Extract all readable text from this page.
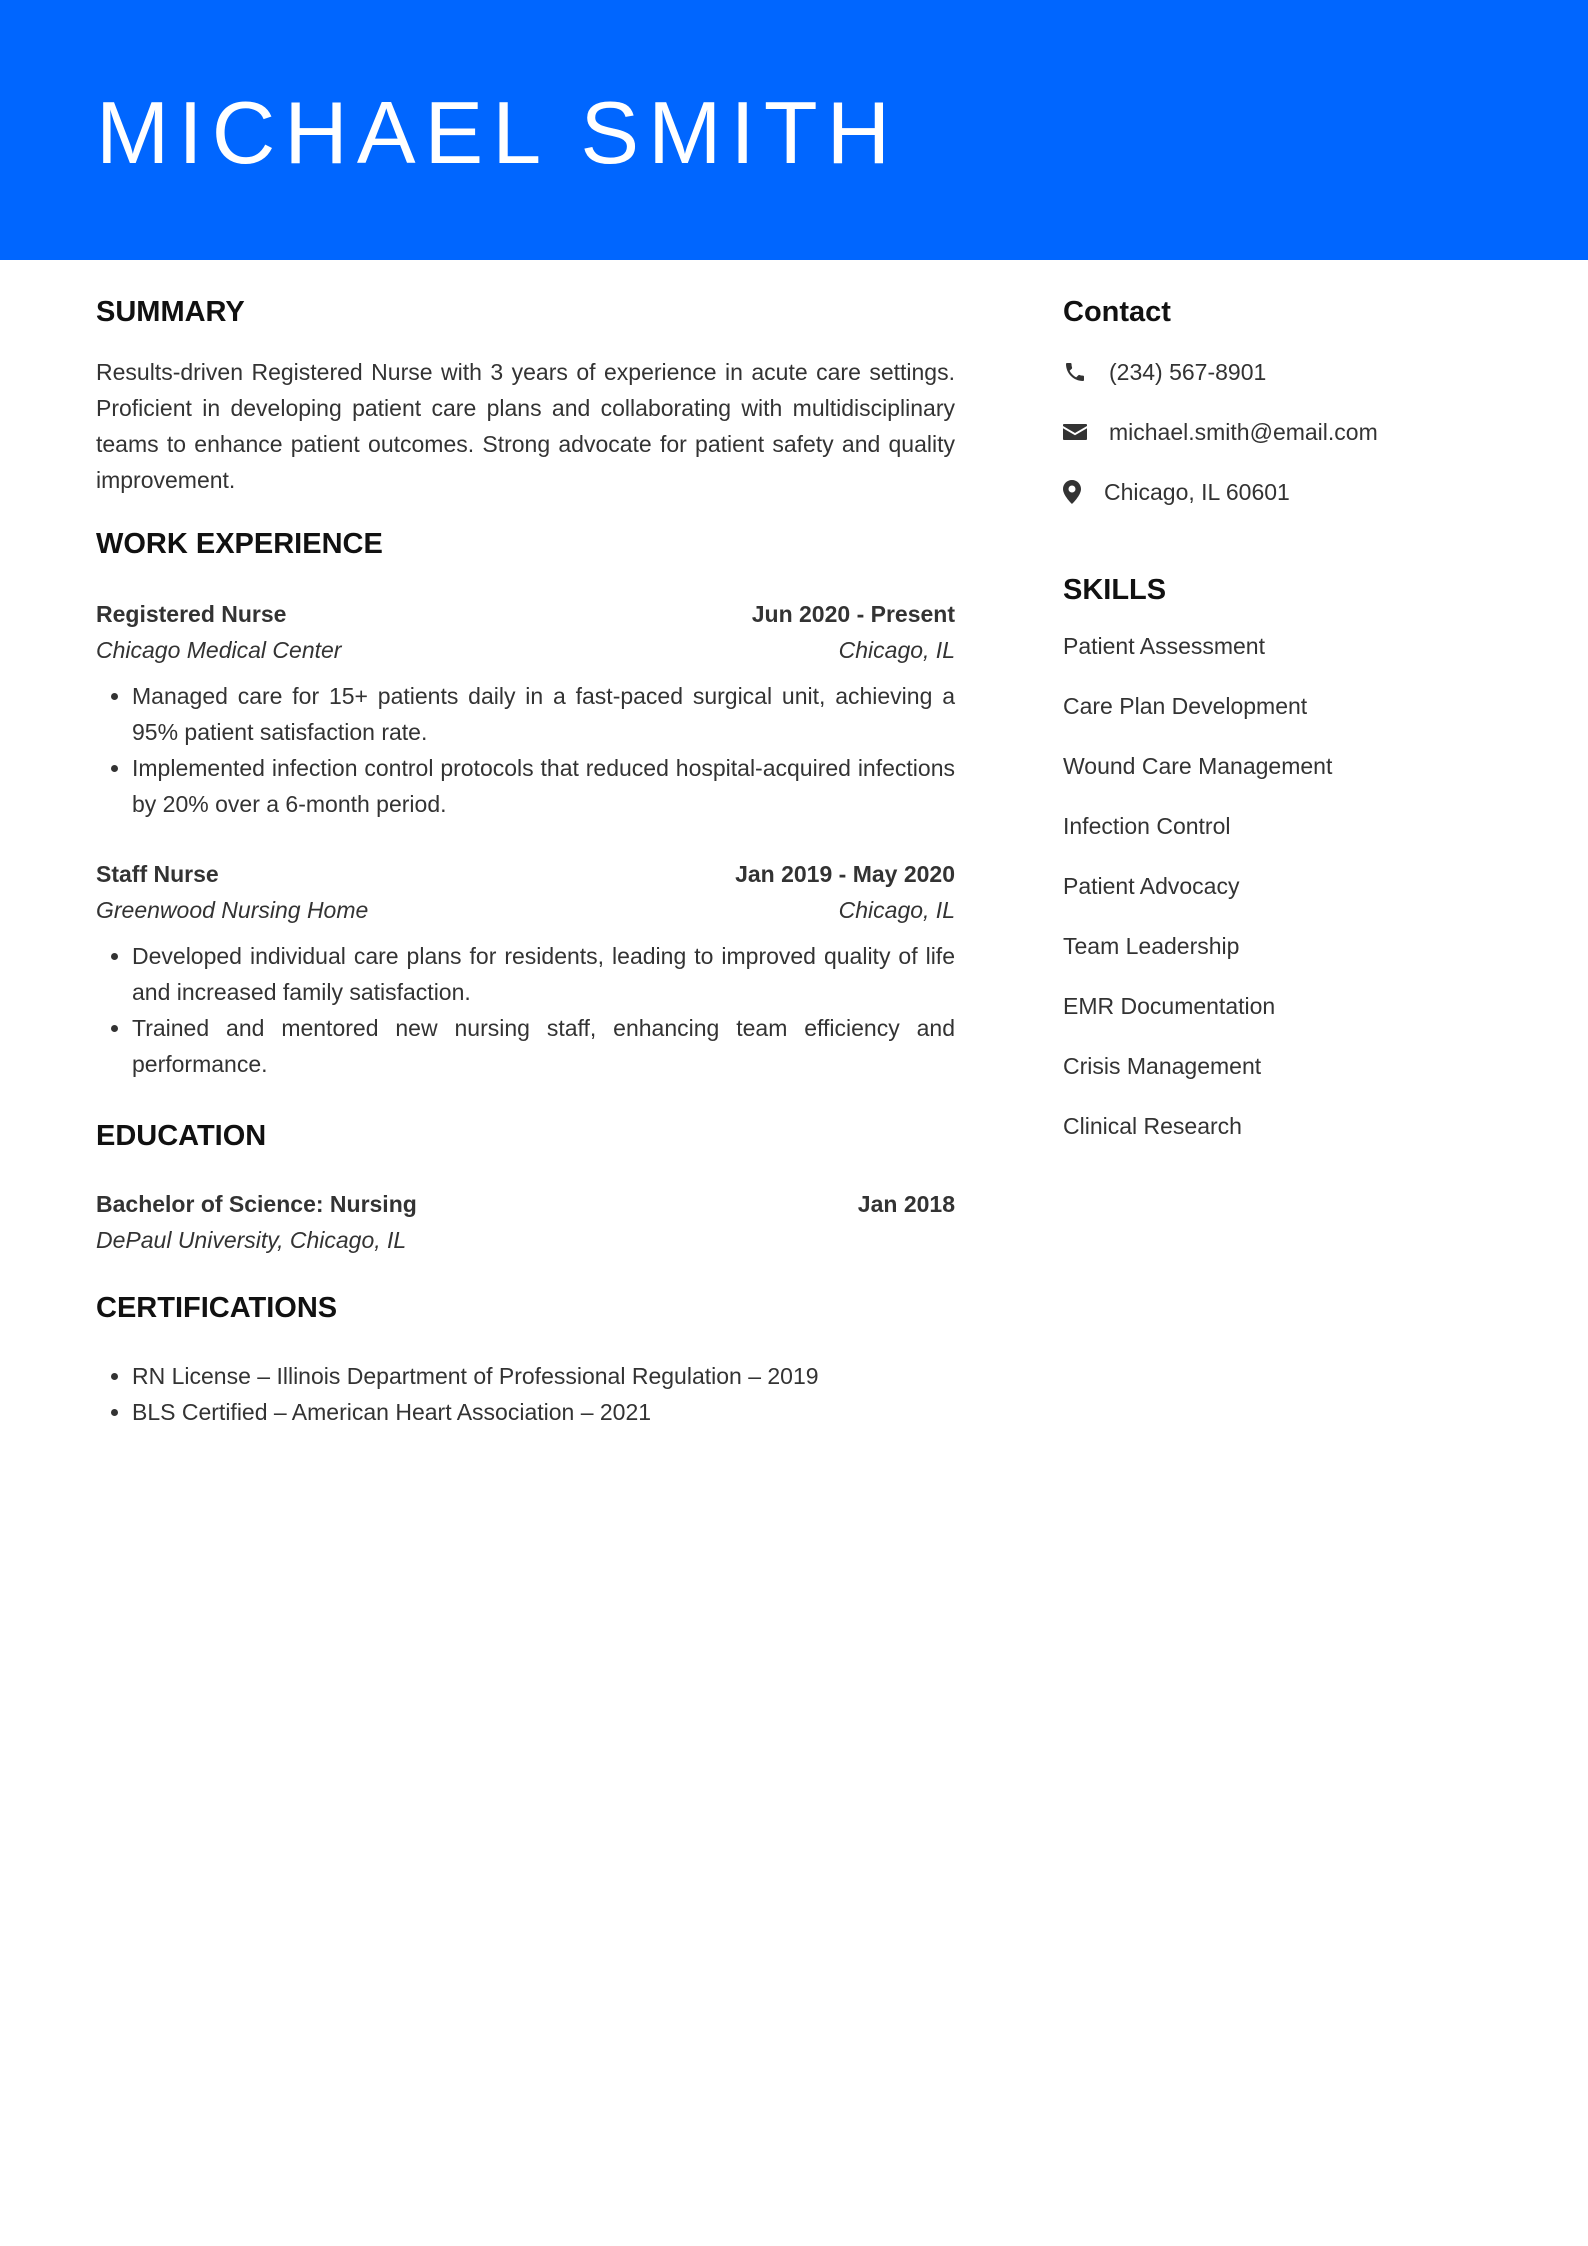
MICHAEL SMITH
SUMMARY

Results-driven Registered Nurse with 3 years of experience in acute care settings. Proficient in developing patient care plans and collaborating with multidisciplinary teams to enhance patient outcomes. Strong advocate for patient safety and quality improvement.

WORK EXPERIENCE
Registered Nurse	Jun 2020 - Present
Chicago Medical Center	Chicago, IL
• Managed care for 15+ patients daily in a fast-paced surgical unit, achieving a 95% patient satisfaction rate.
• Implemented infection control protocols that reduced hospital-acquired infections by 20% over a 6-month period.
Staff Nurse	Jan 2019 - May 2020
Greenwood Nursing Home	Chicago, IL
• Developed individual care plans for residents, leading to improved quality of life and increased family satisfaction.
• Trained and mentored new nursing staff, enhancing team efficiency and performance.
EDUCATION
Bachelor of Science: Nursing	Jan 2018
DePaul University, Chicago, IL
CERTIFICATIONS
• RN License – Illinois Department of Professional Regulation – 2019
• BLS Certified – American Heart Association – 2021
Contact
(234) 567-8901
michael.smith@email.com
Chicago, IL 60601
SKILLS
Patient Assessment
Care Plan Development
Wound Care Management
Infection Control
Patient Advocacy
Team Leadership
EMR Documentation
Crisis Management
Clinical Research
